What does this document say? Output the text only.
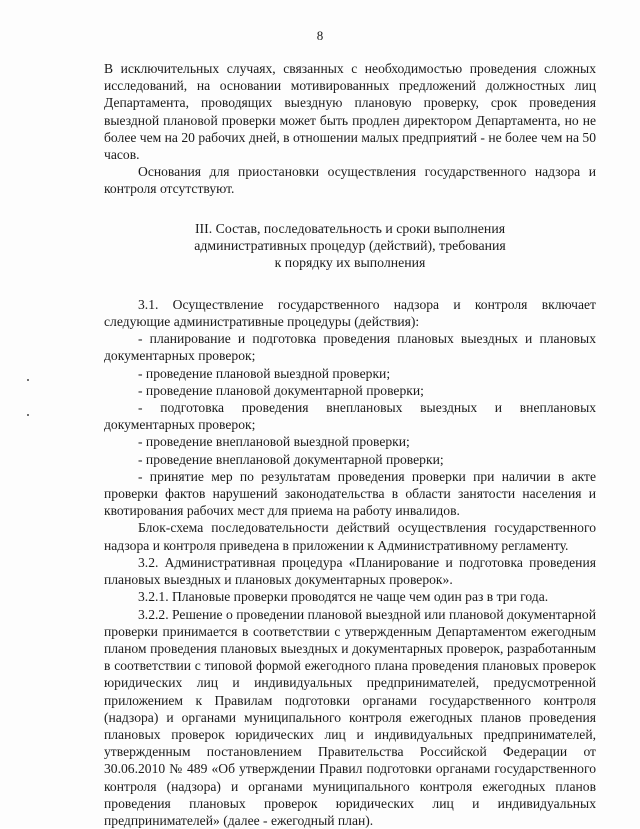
8

В исключительных случаях, связанных с необходимостью проведения сложных исследований, на основании мотивированных предложений должностных лиц Департамента, проводящих выездную плановую проверку, срок проведения выездной плановой проверки может быть продлен директором Департамента, но не более чем на 20 рабочих дней, в отношении малых предприятий - не более чем на 50 часов.

Основания для приостановки осуществления государственного надзора и контроля отсутствуют.

III. Состав, последовательность и сроки выполнения
административных процедур (действий), требования
к порядку их выполнения

3.1. Осуществление государственного надзора и контроля включает следующие административные процедуры (действия):

- планирование и подготовка проведения плановых выездных и плановых документарных проверок;

- проведение плановой выездной проверки;

- проведение плановой документарной проверки;

- подготовка проведения внеплановых выездных и внеплановых документарных проверок;

- проведение внеплановой выездной проверки;

- проведение внеплановой документарной проверки;

- принятие мер по результатам проведения проверки при наличии в акте проверки фактов нарушений законодательства в области занятости населения и квотирования рабочих мест для приема на работу инвалидов.

Блок-схема последовательности действий осуществления государственного надзора и контроля приведена в приложении к Административному регламенту.

3.2. Административная процедура «Планирование и подготовка проведения плановых выездных и плановых документарных проверок».

3.2.1. Плановые проверки проводятся не чаще чем один раз в три года.

3.2.2. Решение о проведении плановой выездной или плановой документарной проверки принимается в соответствии с утвержденным Департаментом ежегодным планом проведения плановых выездных и документарных проверок, разработанным в соответствии с типовой формой ежегодного плана проведения плановых проверок юридических лиц и индивидуальных предпринимателей, предусмотренной приложением к Правилам подготовки органами государственного контроля (надзора) и органами муниципального контроля ежегодных планов проведения плановых проверок юридических лиц и индивидуальных предпринимателей, утвержденным постановлением Правительства Российской Федерации от 30.06.2010 № 489 «Об утверждении Правил подготовки органами государственного контроля (надзора) и органами муниципального контроля ежегодных планов проведения плановых проверок юридических лиц и индивидуальных предпринимателей» (далее - ежегодный план).
